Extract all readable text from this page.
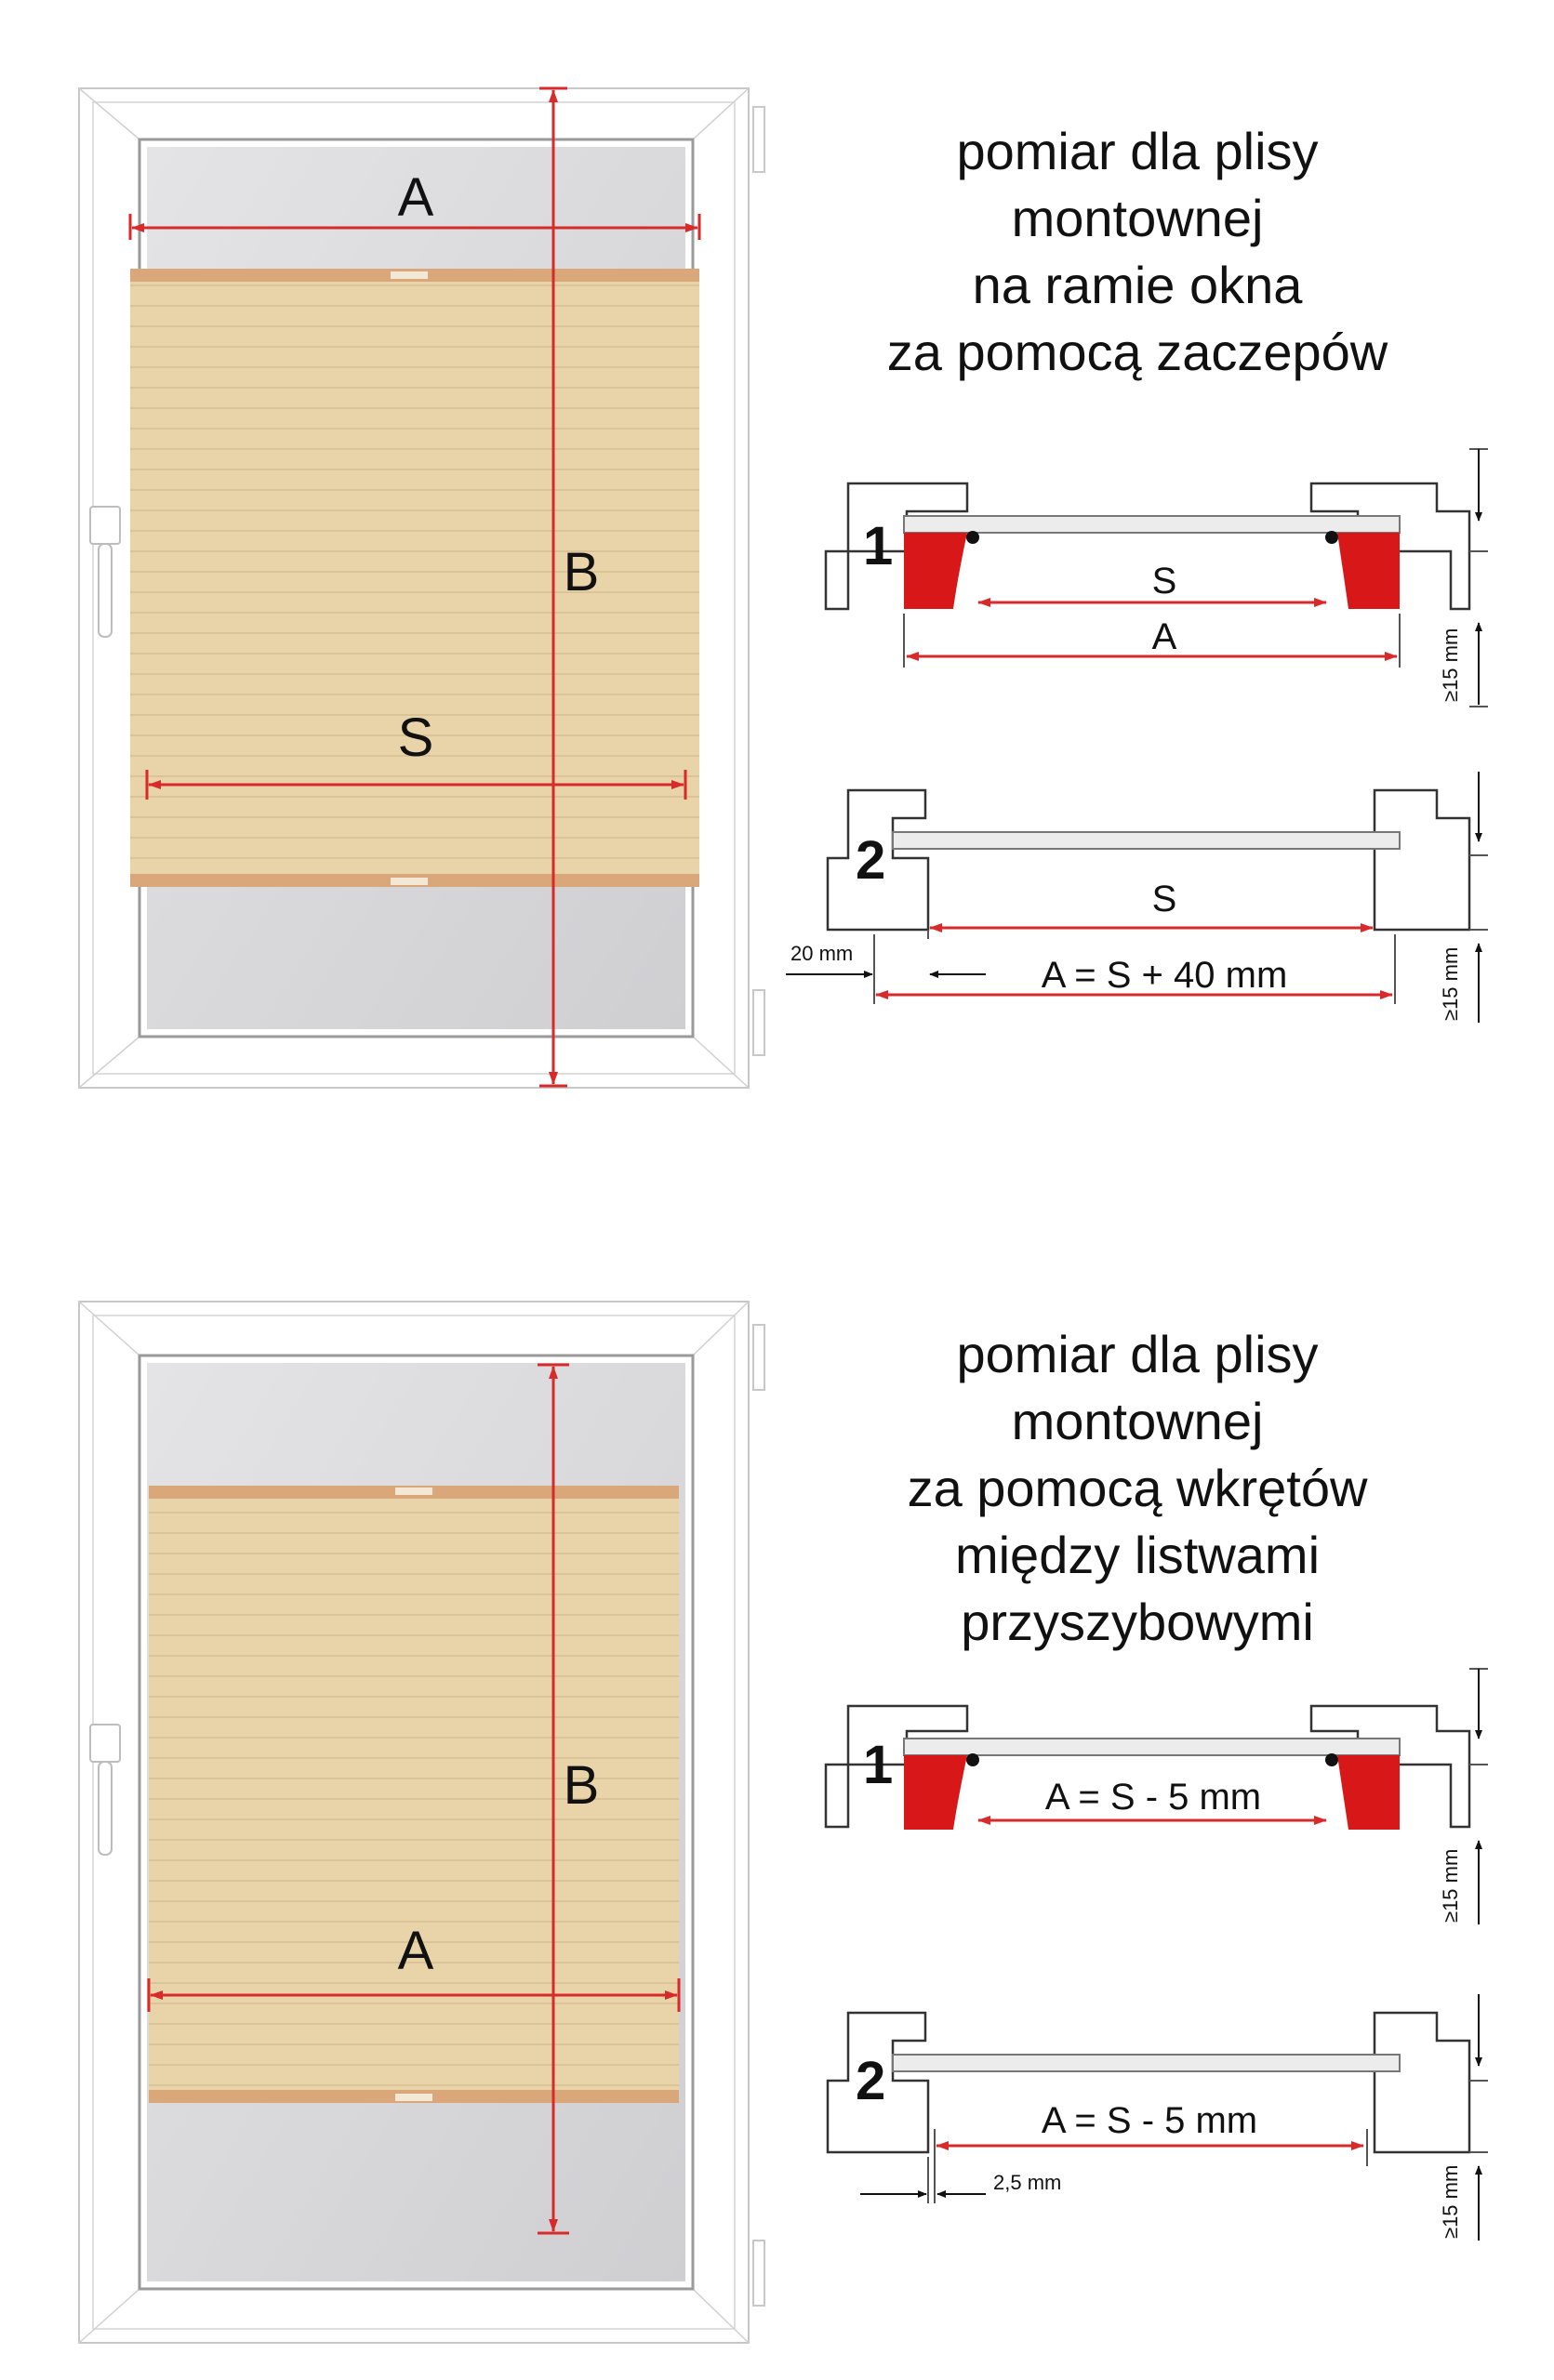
A
B
S
pomiar dla plisy
montownej
na ramie okna
za pomocą zaczepów
1
S
A	≥15 mm
2
S
20 mm
A = S + 40 mm	≥15 mm
B
A
pomiar dla plisy
montownej
za pomocą wkrętów
między listwami
przyszybowymi
1
A = S - 5 mm
≥15 mm
2
A = S - 5 mm
2,5 mm	≥15 mm
